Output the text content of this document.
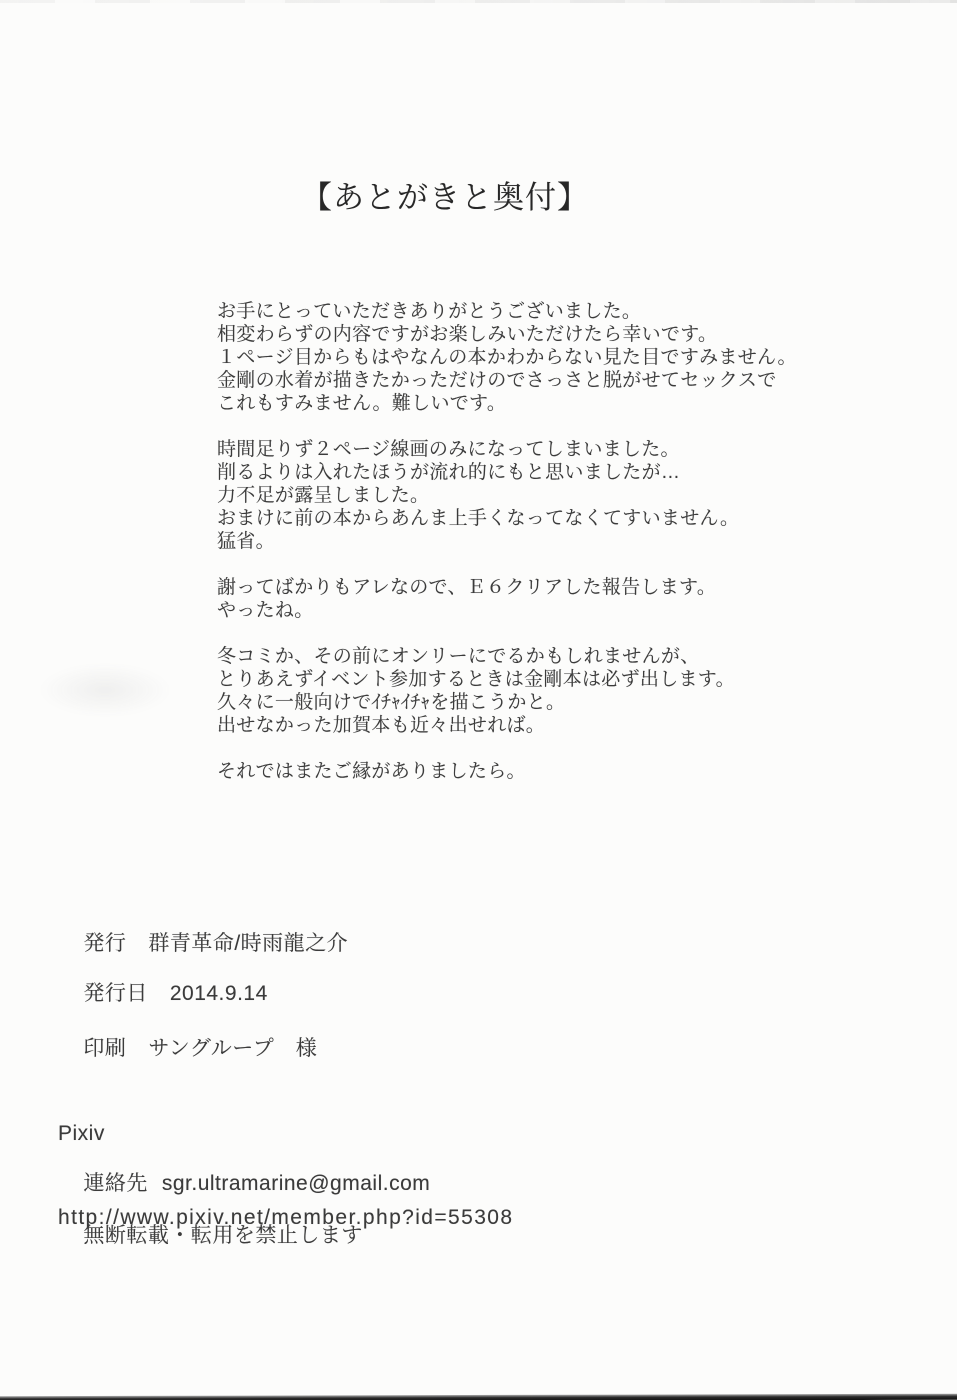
【あとがきと奥付】

お手にとっていただきありがとうございました。
相変わらずの内容ですがお楽しみいただけたら幸いです。
１ページ目からもはやなんの本かわからない見た目ですみません。
金剛の水着が描きたかっただけのでさっさと脱がせてセックスで
これもすみません。難しいです。

時間足りず２ページ線画のみになってしまいました。
削るよりは入れたほうが流れ的にもと思いましたが…
力不足が露呈しました。
おまけに前の本からあんま上手くなってなくてすいません。
猛省。

謝ってばかりもアレなので、Ｅ６クリアした報告します。
やったね。

冬コミか、その前にオンリーにでるかもしれませんが、
とりあえずイベント参加するときは金剛本は必ず出します。
久々に一般向けでｲﾁｬｲﾁｬを描こうかと。
出せなかった加賀本も近々出せれば。

それではまたご縁がありましたら。

発行 群青革命/時雨龍之介

発行日 2014.9.14

印刷 サングループ　様

Pixiv

http://www.pixiv.net/member.php?id=55308

連絡先 sgr.ultramarine@gmail.com

無断転載・転用を禁止します
